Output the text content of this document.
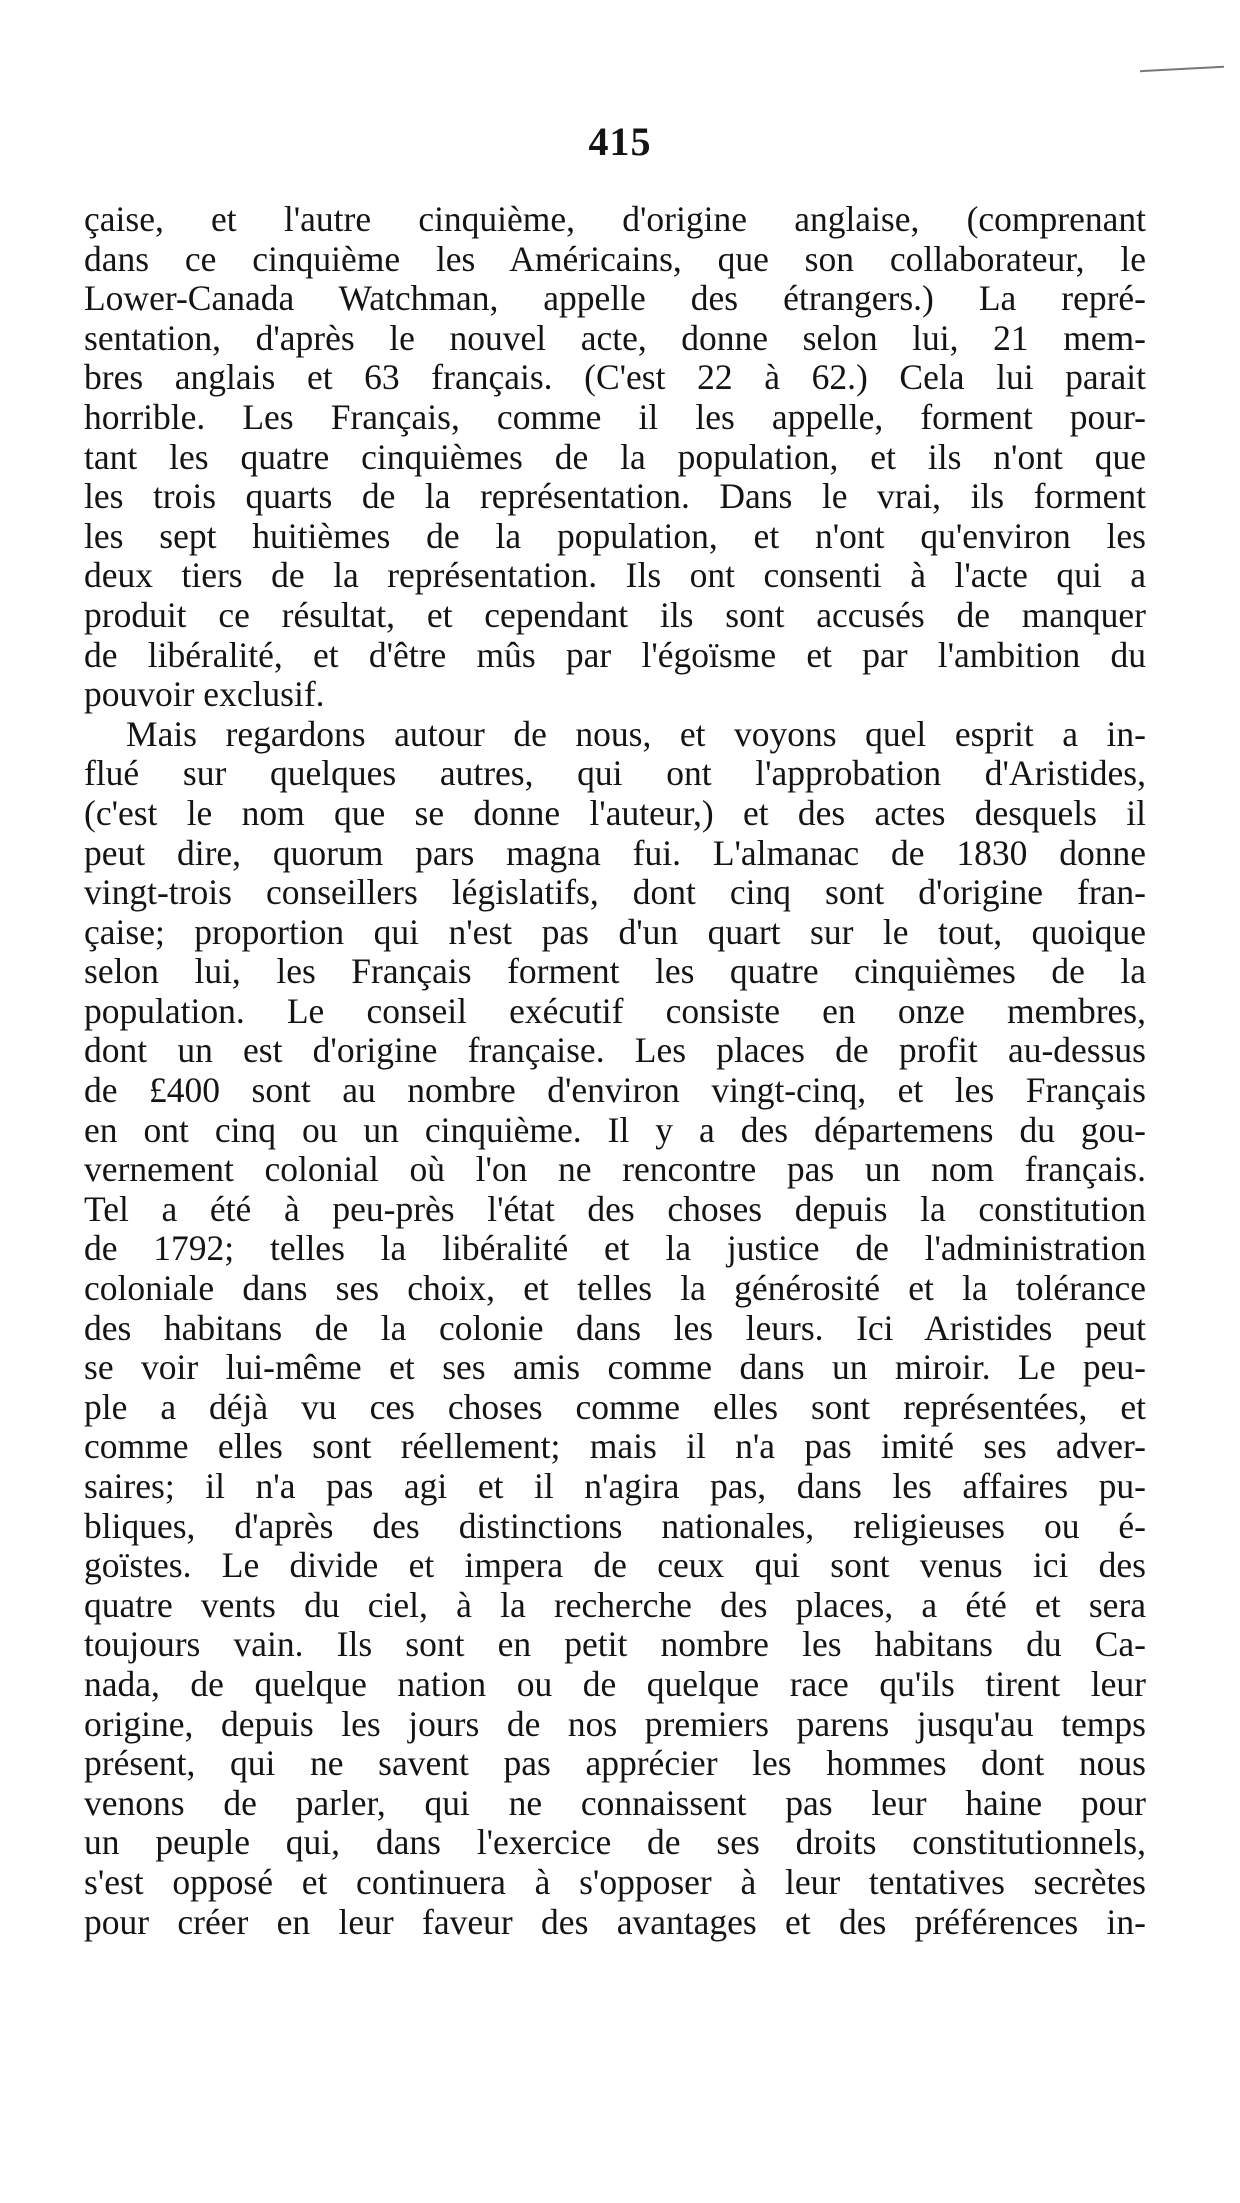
415
çaise, et l'autre cinquième, d'origine anglaise, (comprenant
dans ce cinquième les Américains, que son collaborateur, le
Lower-Canada Watchman, appelle des étrangers.) La repré-
sentation, d'après le nouvel acte, donne selon lui, 21 mem-
bres anglais et 63 français. (C'est 22 à 62.) Cela lui parait
horrible. Les Français, comme il les appelle, forment pour-
tant les quatre cinquièmes de la population, et ils n'ont que
les trois quarts de la représentation. Dans le vrai, ils forment
les sept huitièmes de la population, et n'ont qu'environ les
deux tiers de la représentation. Ils ont consenti à l'acte qui a
produit ce résultat, et cependant ils sont accusés de manquer
de libéralité, et d'être mûs par l'égoïsme et par l'ambition du
pouvoir exclusif.
Mais regardons autour de nous, et voyons quel esprit a in-
flué sur quelques autres, qui ont l'approbation d'Aristides,
(c'est le nom que se donne l'auteur,) et des actes desquels il
peut dire, quorum pars magna fui. L'almanac de 1830 donne
vingt-trois conseillers législatifs, dont cinq sont d'origine fran-
çaise; proportion qui n'est pas d'un quart sur le tout, quoique
selon lui, les Français forment les quatre cinquièmes de la
population. Le conseil exécutif consiste en onze membres,
dont un est d'origine française. Les places de profit au-dessus
de £400 sont au nombre d'environ vingt-cinq, et les Français
en ont cinq ou un cinquième. Il y a des départemens du gou-
vernement colonial où l'on ne rencontre pas un nom français.
Tel a été à peu-près l'état des choses depuis la constitution
de 1792; telles la libéralité et la justice de l'administration
coloniale dans ses choix, et telles la générosité et la tolérance
des habitans de la colonie dans les leurs. Ici Aristides peut
se voir lui-même et ses amis comme dans un miroir. Le peu-
ple a déjà vu ces choses comme elles sont représentées, et
comme elles sont réellement; mais il n'a pas imité ses adver-
saires; il n'a pas agi et il n'agira pas, dans les affaires pu-
bliques, d'après des distinctions nationales, religieuses ou é-
goïstes. Le divide et impera de ceux qui sont venus ici des
quatre vents du ciel, à la recherche des places, a été et sera
toujours vain. Ils sont en petit nombre les habitans du Ca-
nada, de quelque nation ou de quelque race qu'ils tirent leur
origine, depuis les jours de nos premiers parens jusqu'au temps
présent, qui ne savent pas apprécier les hommes dont nous
venons de parler, qui ne connaissent pas leur haine pour
un peuple qui, dans l'exercice de ses droits constitutionnels,
s'est opposé et continuera à s'opposer à leur tentatives secrètes
pour créer en leur faveur des avantages et des préférences in-
